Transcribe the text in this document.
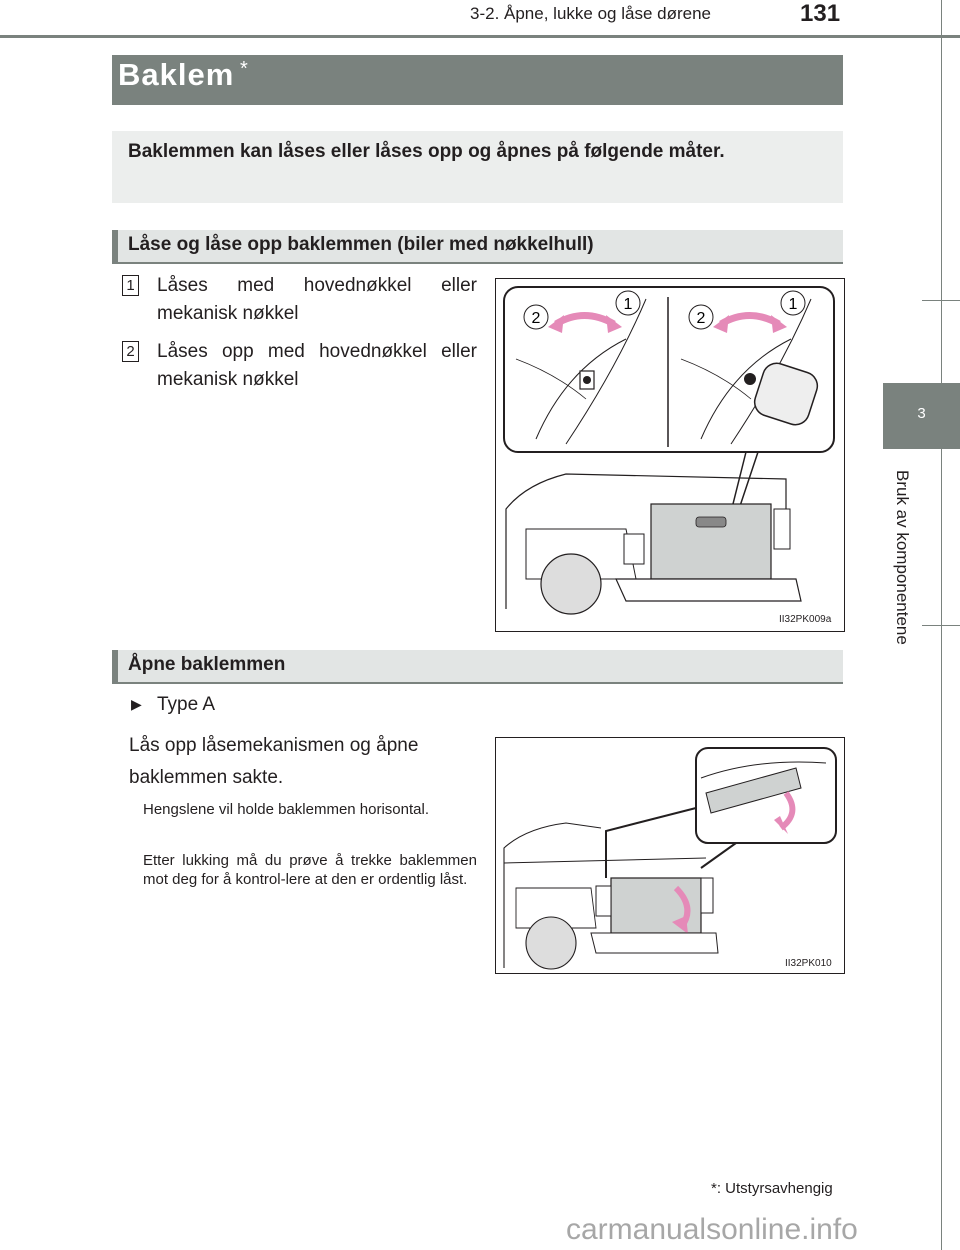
3-2. Åpne, lukke og låse dørene	131
3
Bruk av komponentene
Baklem *
Baklemmen kan låses eller låses opp og åpnes på følgende måter.
Låse og låse opp baklemmen (biler med nøkkelhull)
1 Låses med hovednøkkel eller mekanisk nøkkel
2 Låses opp med hovednøkkel eller mekanisk nøkkel
2
1
2
1
II32PK009a
Åpne baklemmen
▶ Type A
Lås opp låsemekanismen og åpne baklemmen sakte.
Hengslene vil holde baklemmen horisontal.
Etter lukking må du prøve å trekke baklemmen mot deg for å kontrol-lere at den er ordentlig låst.
II32PK010
*: Utstyrsavhengig
carmanualsonline.info
